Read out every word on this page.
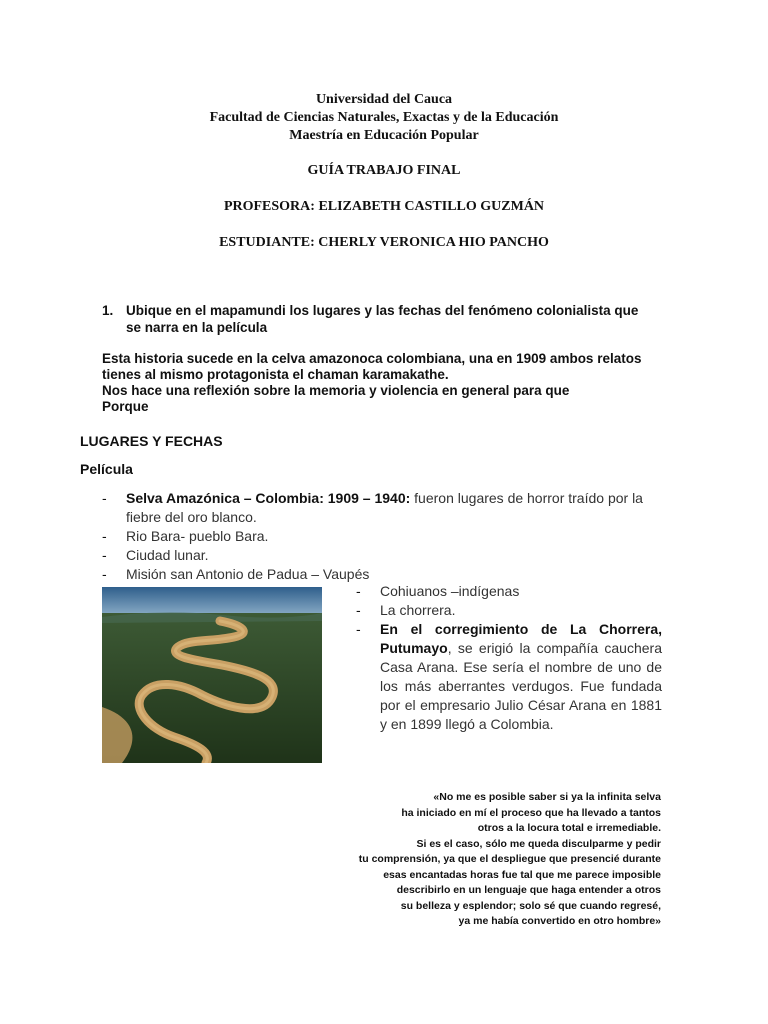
Universidad del Cauca
Facultad de Ciencias Naturales, Exactas y de la Educación
Maestría en Educación Popular
GUÍA TRABAJO FINAL
PROFESORA: ELIZABETH CASTILLO GUZMÁN
ESTUDIANTE: CHERLY VERONICA HIO PANCHO
1. Ubique en el mapamundi los lugares y las fechas del fenómeno colonialista que
se narra en la película
Esta historia sucede en la celva amazonoca colombiana, una en 1909 ambos relatos
tienes al mismo protagonista el chaman karamakathe.
Nos hace una reflexión sobre la memoria y violencia en general para que
Porque
LUGARES Y FECHAS
Película
- Selva Amazónica – Colombia: 1909 – 1940: fueron lugares de horror traído por la fiebre del oro blanco.
- Rio Bara- pueblo Bara.
- Ciudad lunar.
- Misión san Antonio de Padua – Vaupés
- Cohiuanos –indígenas
- La chorrera.
- En el corregimiento de La Chorrera, Putumayo, se erigió la compañía cauchera Casa Arana. Ese sería el nombre de uno de los más aberrantes verdugos. Fue fundada por el empresario Julio César Arana en 1881 y en 1899 llegó a Colombia.
«No me es posible saber si ya la infinita selva
ha iniciado en mí el proceso que ha llevado a tantos
otros a la locura total e irremediable.
Si es el caso, sólo me queda disculparme y pedir
tu comprensión, ya que el despliegue que presencié durante
esas encantadas horas fue tal que me parece imposible
describirlo en un lenguaje que haga entender a otros
su belleza y esplendor; solo sé que cuando regresé,
ya me había convertido en otro hombre»
